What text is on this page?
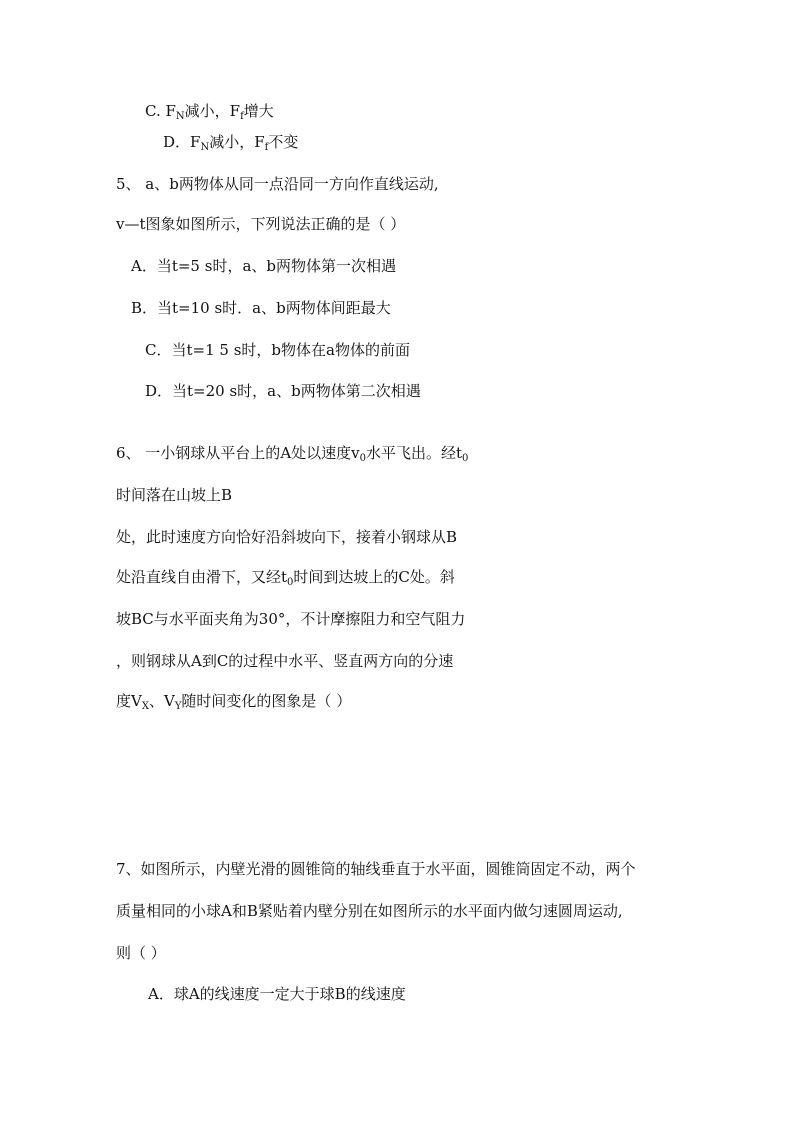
C. $F_N$减小，$F_f$增大
D．$F_N$减小，$F_f$不变
5、 a、b两物体从同一点沿同一方向作直线运动,
v—t图象如图所示，下列说法正确的是（ ）
A．当t=5 s时，a、b两物体第一次相遇
B．当t=10 s时．a、b两物体间距最大
C．当t=1 5 s时，b物体在a物体的前面
D．当t=20 s时，a、b两物体第二次相遇
6、 一小钢球从平台上的A处以速度$v_0$水平飞出。经$t_0$
时间落在山坡上B
处，此时速度方向恰好沿斜坡向下，接着小钢球从B
处沿直线自由滑下，又经$t_0$时间到达坡上的C处。斜
坡BC与水平面夹角为30°，不计摩擦阻力和空气阻力
，则钢球从A到C的过程中水平、竖直两方向的分速
度$V_X$、$V_Y$随时间变化的图象是（ ）
7、如图所示，内壁光滑的圆锥筒的轴线垂直于水平面，圆锥筒固定不动，两个
质量相同的小球A和B紧贴着内壁分别在如图所示的水平面内做匀速圆周运动,
则（ ）
A．球A的线速度一定大于球B的线速度
